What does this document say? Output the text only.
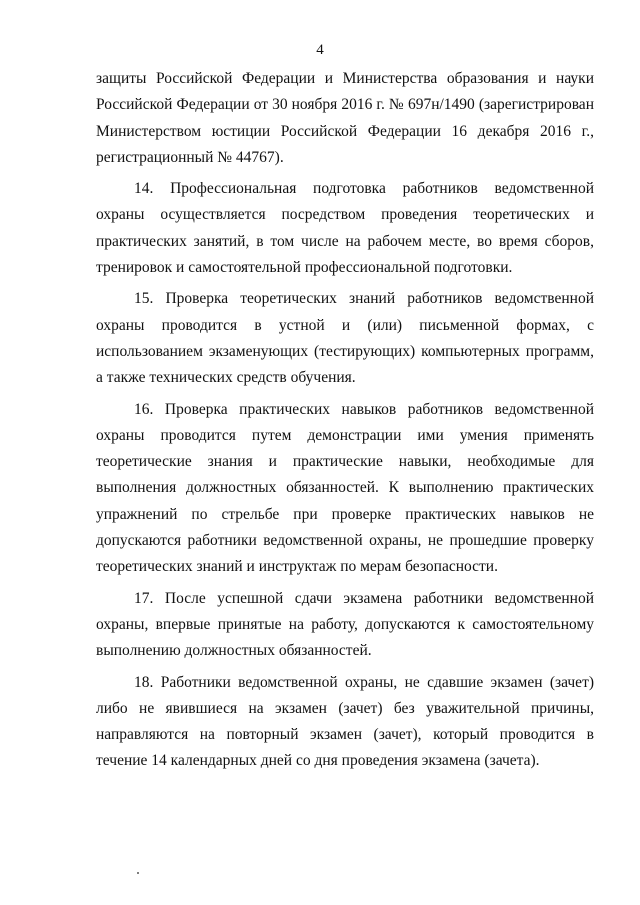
4

защиты Российской Федерации и Министерства образования и науки Российской Федерации от 30 ноября 2016 г. № 697н/1490 (зарегистрирован Министерством юстиции Российской Федерации 16 декабря 2016 г., регистрационный № 44767).

14. Профессиональная подготовка работников ведомственной охраны осуществляется посредством проведения теоретических и практических занятий, в том числе на рабочем месте, во время сборов, тренировок и самостоятельной профессиональной подготовки.

15. Проверка теоретических знаний работников ведомственной охраны проводится в устной и (или) письменной формах, с использованием экзаменующих (тестирующих) компьютерных программ, а также технических средств обучения.

16. Проверка практических навыков работников ведомственной охраны проводится путем демонстрации ими умения применять теоретические знания и практические навыки, необходимые для выполнения должностных обязанностей. К выполнению практических упражнений по стрельбе при проверке практических навыков не допускаются работники ведомственной охраны, не прошедшие проверку теоретических знаний и инструктаж по мерам безопасности.

17. После успешной сдачи экзамена работники ведомственной охраны, впервые принятые на работу, допускаются к самостоятельному выполнению должностных обязанностей.

18. Работники ведомственной охраны, не сдавшие экзамен (зачет) либо не явившиеся на экзамен (зачет) без уважительной причины, направляются на повторный экзамен (зачет), который проводится в течение 14 календарных дней со дня проведения экзамена (зачета).
